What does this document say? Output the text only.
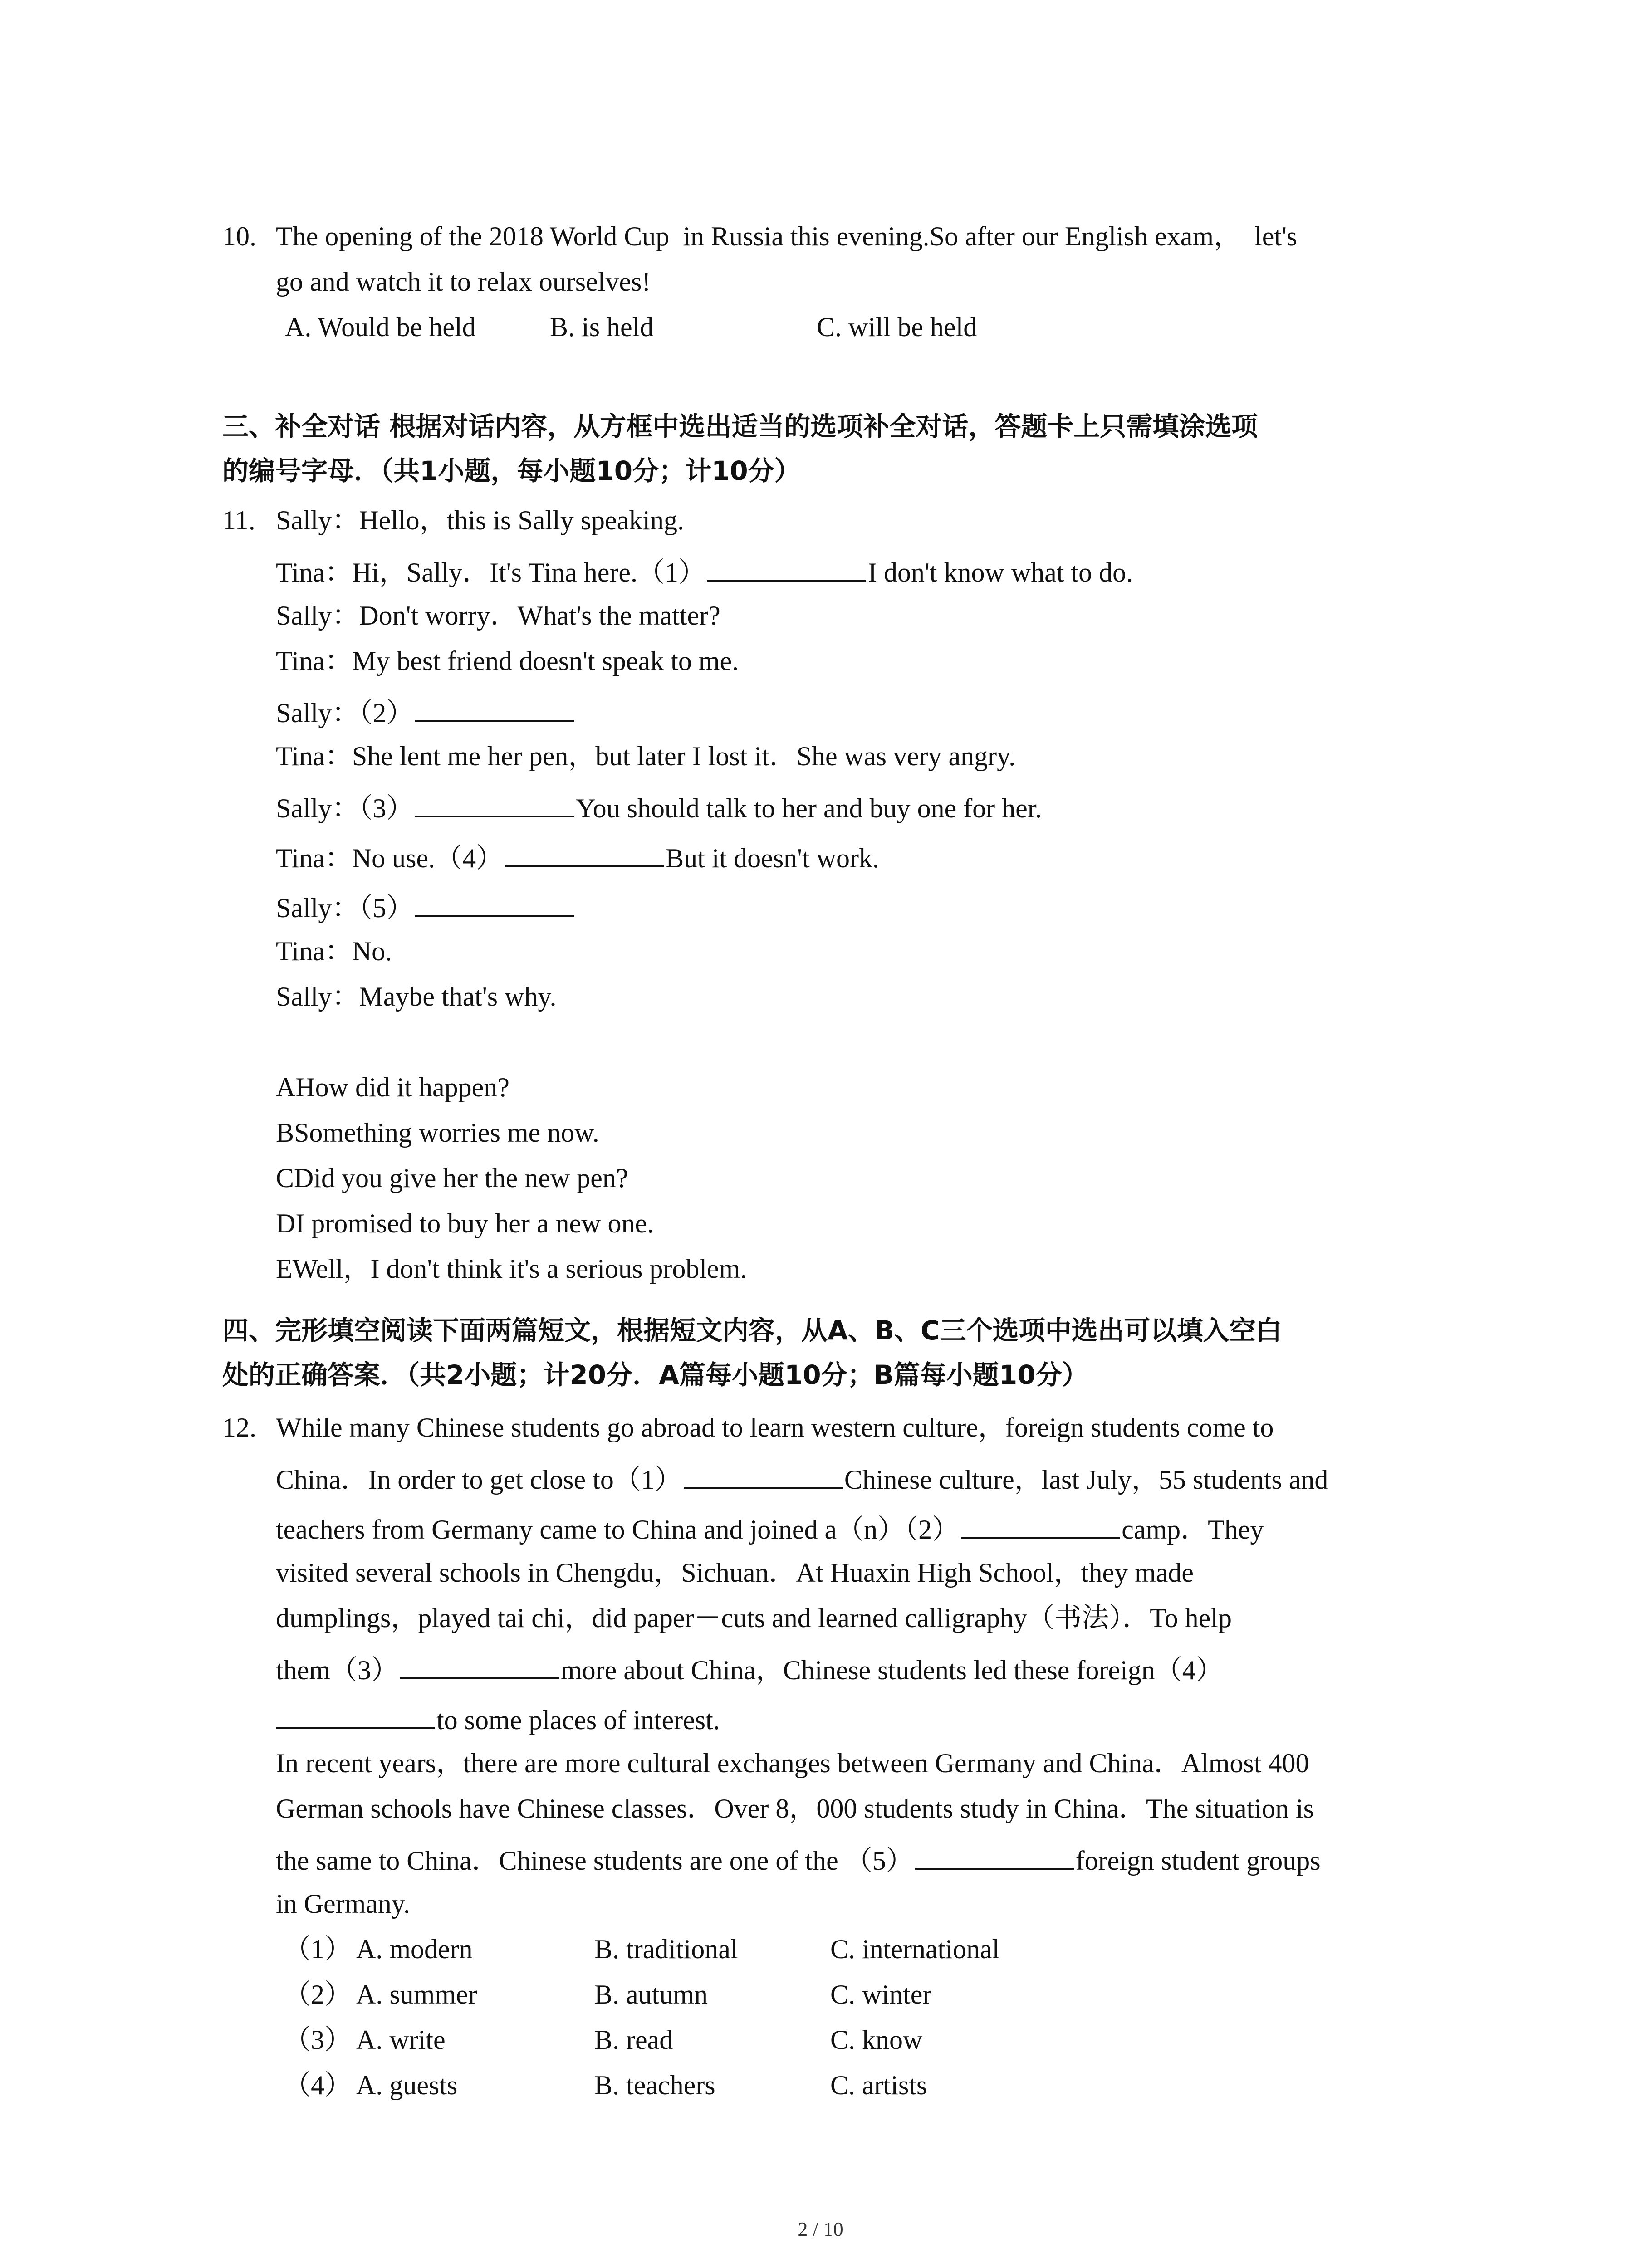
10. The opening of the 2018 World Cup  in Russia this evening.So after our English exam，  let's
go and watch it to relax ourselves!
A. Would be held	B. is held	C. will be held
三、补全对话 根据对话内容，从方框中选出适当的选项补全对话，答题卡上只需填涂选项
的编号字母．（共1小题，每小题10分；计10分）
11. Sally：Hello，this is Sally speaking.
Tina：Hi，Sally．It's Tina here.（1）	I don't know what to do.
Sally：Don't worry．What's the matter?
Tina：My best friend doesn't speak to me.
Sally：（2）
Tina：She lent me her pen，but later I lost it．She was very angry.
Sally：（3）	You should talk to her and buy one for her.
Tina：No use.（4）	But it doesn't work.
Sally：（5）
Tina：No.
Sally：Maybe that's why.
AHow did it happen?
BSomething worries me now.
CDid you give her the new pen?
DI promised to buy her a new one.
EWell，I don't think it's a serious problem.
四、完形填空阅读下面两篇短文，根据短文内容，从A、B、C三个选项中选出可以填入空白
处的正确答案．（共2小题；计20分．A篇每小题10分；B篇每小题10分）
12. While many Chinese students go abroad to learn western culture，foreign students come to
China．In order to get close to（1）	Chinese culture，last July，55 students and
teachers from Germany came to China and joined a（n）（2）	camp．They
visited several schools in Chengdu，Sichuan．At Huaxin High School，they made
dumplings，played tai chi，did paper－cuts and learned calligraphy（书法）．To help
them（3）	more about China，Chinese students led these foreign（4）
to some places of interest.
In recent years，there are more cultural exchanges between Germany and China．Almost 400
German schools have Chinese classes．Over 8，000 students study in China．The situation is
the same to China．Chinese students are one of the （5）	foreign student groups
in Germany.
（1） A. modern	B. traditional	C. international
（2） A. summer	B. autumn	C. winter
（3） A. write	B. read	C. know
（4） A. guests	B. teachers	C. artists
2 / 10
